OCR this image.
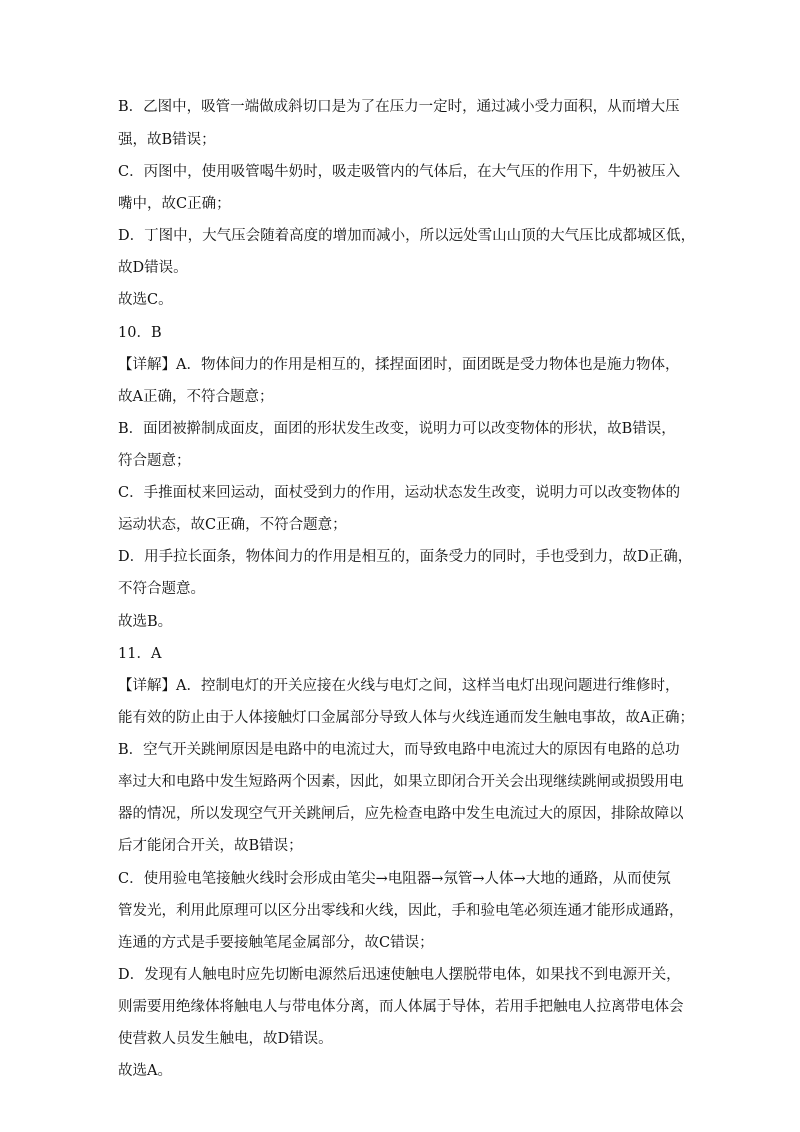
B．乙图中，吸管一端做成斜切口是为了在压力一定时，通过减小受力面积，从而增大压
强，故B错误；
C．丙图中，使用吸管喝牛奶时，吸走吸管内的气体后，在大气压的作用下，牛奶被压入
嘴中，故C正确；
D．丁图中，大气压会随着高度的增加而减小，所以远处雪山山顶的大气压比成都城区低，
故D错误。
故选C。
10．B
【详解】A．物体间力的作用是相互的，揉捏面团时，面团既是受力物体也是施力物体，
故A正确，不符合题意；
B．面团被擀制成面皮，面团的形状发生改变，说明力可以改变物体的形状，故B错误，
符合题意；
C．手推面杖来回运动，面杖受到力的作用，运动状态发生改变，说明力可以改变物体的
运动状态，故C正确，不符合题意；
D．用手拉长面条，物体间力的作用是相互的，面条受力的同时，手也受到力，故D正确，
不符合题意。
故选B。
11．A
【详解】A．控制电灯的开关应接在火线与电灯之间，这样当电灯出现问题进行维修时，
能有效的防止由于人体接触灯口金属部分导致人体与火线连通而发生触电事故，故A正确；
B．空气开关跳闸原因是电路中的电流过大，而导致电路中电流过大的原因有电路的总功
率过大和电路中发生短路两个因素，因此，如果立即闭合开关会出现继续跳闸或损毁用电
器的情况，所以发现空气开关跳闸后，应先检查电路中发生电流过大的原因，排除故障以
后才能闭合开关，故B错误；
C．使用验电笔接触火线时会形成由笔尖→电阻器→氖管→人体→大地的通路，从而使氖
管发光，利用此原理可以区分出零线和火线，因此，手和验电笔必须连通才能形成通路，
连通的方式是手要接触笔尾金属部分，故C错误；
D．发现有人触电时应先切断电源然后迅速使触电人摆脱带电体，如果找不到电源开关，
则需要用绝缘体将触电人与带电体分离，而人体属于导体，若用手把触电人拉离带电体会
使营救人员发生触电，故D错误。
故选A。
